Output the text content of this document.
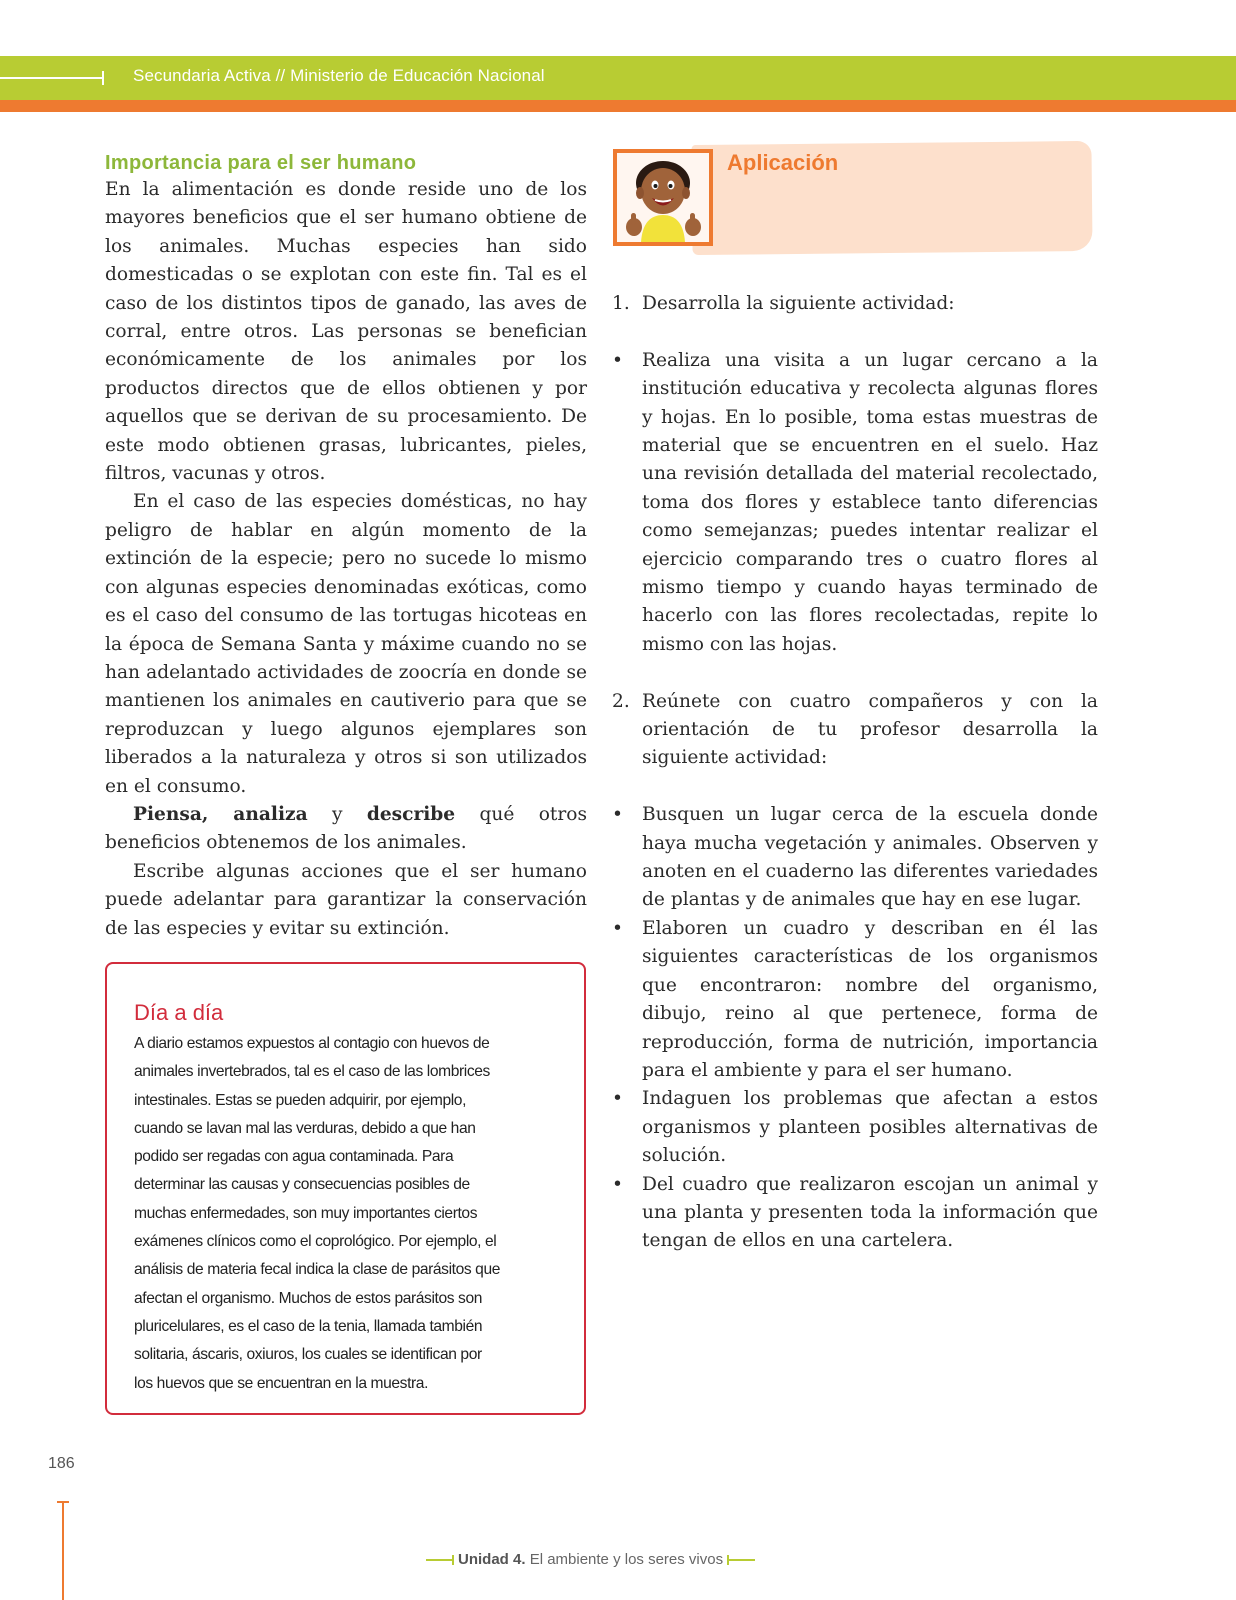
Secundaria Activa // Ministerio de Educación Nacional
Importancia para el ser humano

En la alimentación es donde reside uno de los mayores beneficios que el ser humano obtiene de los animales. Muchas especies han sido domesticadas o se explotan con este fin. Tal es el caso de los distintos tipos de ganado, las aves de corral, entre otros. Las personas se benefician económicamente de los animales por los productos directos que de ellos obtienen y por aquellos que se derivan de su procesamiento. De este modo obtienen grasas, lubricantes, pieles, filtros, vacunas y otros.

En el caso de las especies domésticas, no hay peligro de hablar en algún momento de la extinción de la especie; pero no sucede lo mismo con algunas especies denominadas exóticas, como es el caso del consumo de las tortugas hicoteas en la época de Semana Santa y máxime cuando no se han adelantado actividades de zoocría en donde se mantienen los animales en cautiverio para que se reproduzcan y luego algunos ejemplares son liberados a la naturaleza y otros si son utilizados en el consumo.

Piensa, analiza y describe qué otros beneficios obtenemos de los animales.

Escribe algunas acciones que el ser humano puede adelantar para garantizar la conservación de las especies y evitar su extinción.

Día a día
A diario estamos expuestos al contagio con huevos de
animales invertebrados, tal es el caso de las lombrices
intestinales. Estas se pueden adquirir, por ejemplo,
cuando se lavan mal las verduras, debido a que han
podido ser regadas con agua contaminada. Para
determinar las causas y consecuencias posibles de
muchas enfermedades, son muy importantes ciertos
exámenes clínicos como el coprológico. Por ejemplo, el
análisis de materia fecal indica la clase de parásitos que
afectan el organismo. Muchos de estos parásitos son
pluricelulares, es el caso de la tenia, llamada también
solitaria, áscaris, oxiuros, los cuales se identifican por
los huevos que se encuentran en la muestra.
Aplicación
1. Desarrolla la siguiente actividad:
•	Realiza una visita a un lugar cercano a la institución educativa y recolecta algunas flores y hojas. En lo posible, toma estas muestras de material que se encuentren en el suelo. Haz una revisión detallada del material recolectado, toma dos flores y establece tanto diferencias como semejanzas; puedes intentar realizar el ejercicio comparando tres o cuatro flores al mismo tiempo y cuando hayas terminado de hacerlo con las flores recolectadas, repite lo mismo con las hojas.
2. Reúnete con cuatro compañeros y con la orientación de tu profesor desarrolla la siguiente actividad:
•	Busquen un lugar cerca de la escuela donde haya mucha vegetación y animales. Observen y anoten en el cuaderno las diferentes variedades de plantas y de animales que hay en ese lugar.
•	Elaboren un cuadro y describan en él las siguientes características de los organismos que encontraron: nombre del organismo, dibujo, reino al que pertenece, forma de reproducción, forma de nutrición, importancia para el ambiente y para el ser humano.
•	Indaguen los problemas que afectan a estos organismos y planteen posibles alternativas de solución.
•	Del cuadro que realizaron escojan un animal y una planta y presenten toda la información que tengan de ellos en una cartelera.
186
Unidad 4. El ambiente y los seres vivos
